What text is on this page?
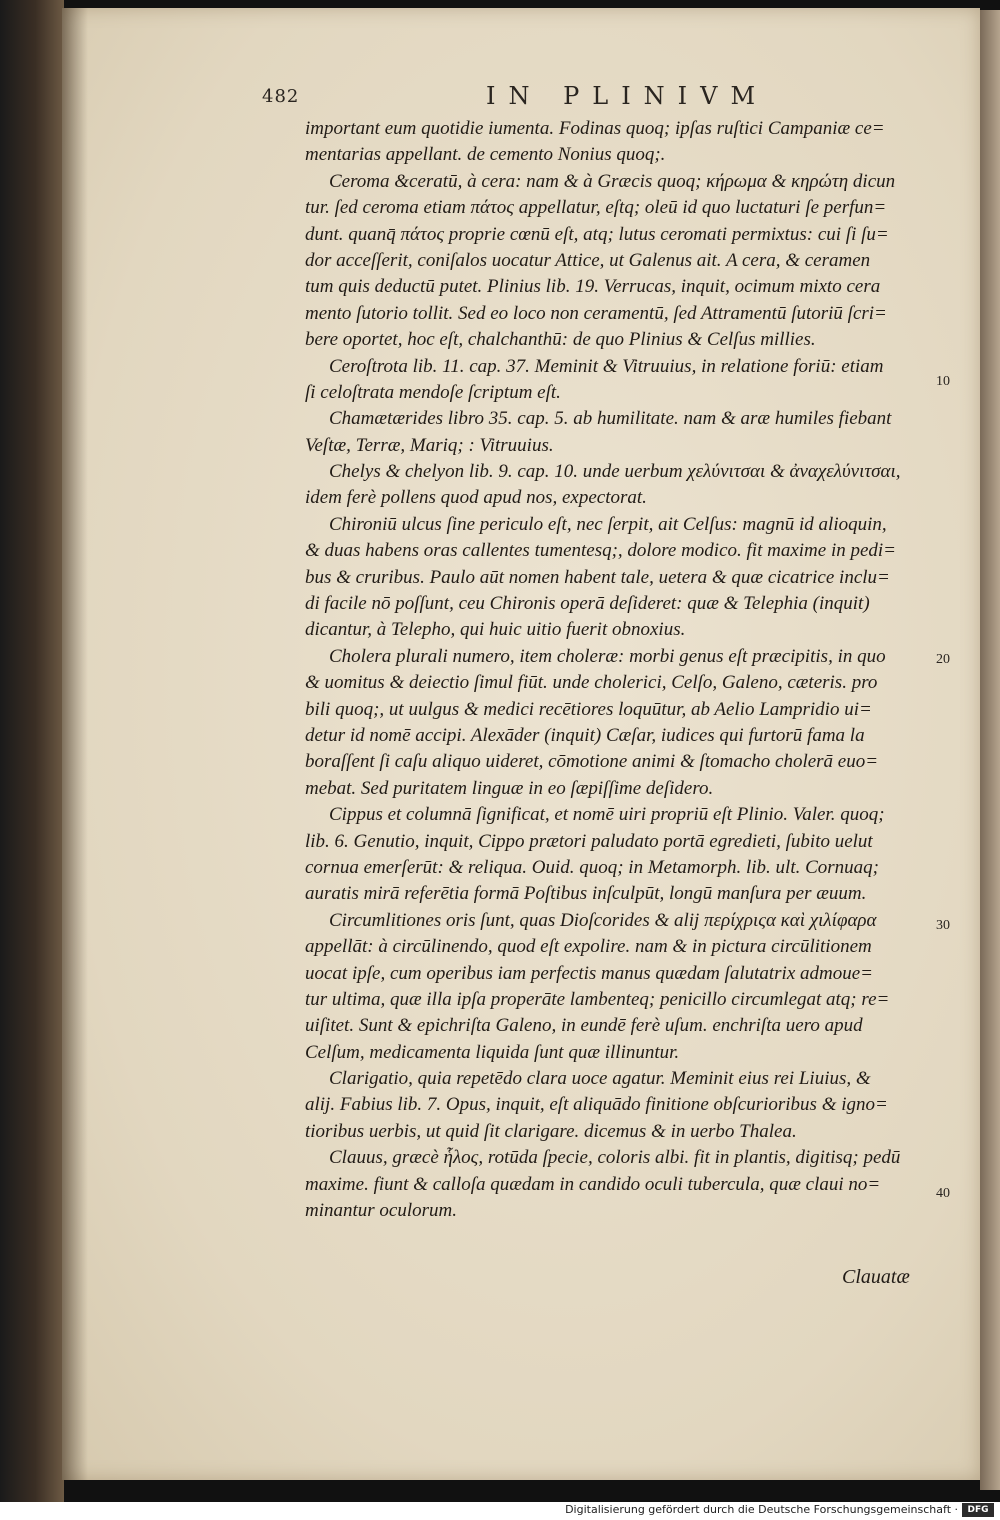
482	IN PLINIVM
important eum quotidie iumenta. Fodinas quoq; ipſas ruſtici Campaniæ ce=
mentarias appellant. de cemento Nonius quoq;.
Ceroma &ceratū, à cera: nam & à Græcis quoq; κήρωμα & κηρώτη dicun
tur. ſed ceroma etiam πάτος appellatur, eſtq; oleū id quo luctaturi ſe perfun=
dunt. quanq̄ πάτος proprie cœnū eſt, atq; lutus ceromati permixtus: cui ſi ſu=
dor acceſſerit, coniſalos uocatur Attice, ut Galenus ait. A cera, & ceramen
tum quis deductū putet. Plinius lib. 19. Verrucas, inquit, ocimum mixto cera
mento ſutorio tollit. Sed eo loco non ceramentū, ſed Attramentū ſutoriū ſcri=
bere oportet, hoc eſt, chalchanthū: de quo Plinius & Celſus millies.
Ceroſtrota lib. 11. cap. 37. Meminit & Vitruuius, in relatione foriū: etiam
ſi celoſtrata mendoſe ſcriptum eſt.
Chamætærides libro 35. cap. 5. ab humilitate. nam & aræ humiles fiebant
Veſtæ, Terræ, Mariq; : Vitruuius.
Chelys & chelyon lib. 9. cap. 10. unde uerbum χελύνιτσαι & ἀναχελύνιτσαι,
idem ferè pollens quod apud nos, expectorat.
Chironiū ulcus ſine periculo eſt, nec ſerpit, ait Celſus: magnū id alioquin,
& duas habens oras callentes tumentesq;, dolore modico. fit maxime in pedi=
bus & cruribus. Paulo aūt nomen habent tale, uetera & quæ cicatrice inclu=
di facile nō poſſunt, ceu Chironis operā deſideret: quæ & Telephia (inquit)
dicantur, à Telepho, qui huic uitio fuerit obnoxius.
Cholera plurali numero, item choleræ: morbi genus eſt præcipitis, in quo
& uomitus & deiectio ſimul fiūt. unde cholerici, Celſo, Galeno, cæteris. pro
bili quoq;, ut uulgus & medici recētiores loquūtur, ab Aelio Lampridio ui=
detur id nomē accipi. Alexāder (inquit) Cæſar, iudices qui furtorū fama la
boraſſent ſi caſu aliquo uideret, cōmotione animi & ſtomacho cholerā euo=
mebat. Sed puritatem linguæ in eo ſæpiſſime deſidero.
Cippus et columnā ſignificat, et nomē uiri propriū eſt Plinio. Valer. quoq;
lib. 6. Genutio, inquit, Cippo prætori paludato portā egredieti, ſubito uelut
cornua emerſerūt: & reliqua. Ouid. quoq; in Metamorph. lib. ult. Cornuaq;
auratis mirā referētia formā Poſtibus inſculpūt, longū manſura per æuum.
Circumlitiones oris ſunt, quas Dioſcorides & alij περίχριςα καὶ χιλίφαρα
appellāt: à circūlinendo, quod eſt expolire. nam & in pictura circūlitionem
uocat ipſe, cum operibus iam perfectis manus quædam ſalutatrix admoue=
tur ultima, quæ illa ipſa properāte lambenteq; penicillo circumlegat atq; re=
uiſitet. Sunt & epichriſta Galeno, in eundē ferè uſum. enchriſta uero apud
Celſum, medicamenta liquida ſunt quæ illinuntur.
Clarigatio, quia repetēdo clara uoce agatur. Meminit eius rei Liuius, &
alij. Fabius lib. 7. Opus, inquit, eſt aliquādo finitione obſcurioribus & igno=
tioribus uerbis, ut quid ſit clarigare. dicemus & in uerbo Thalea.
Clauus, græcè ἧλος, rotūda ſpecie, coloris albi. fit in plantis, digitisq; pedū
maxime. fiunt & calloſa quædam in candido oculi tubercula, quæ claui no=
minantur oculorum.
10
20
30
40
Clauatæ
Digitalisierung gefördert durch die Deutsche Forschungsgemeinschaft ·	DFG
